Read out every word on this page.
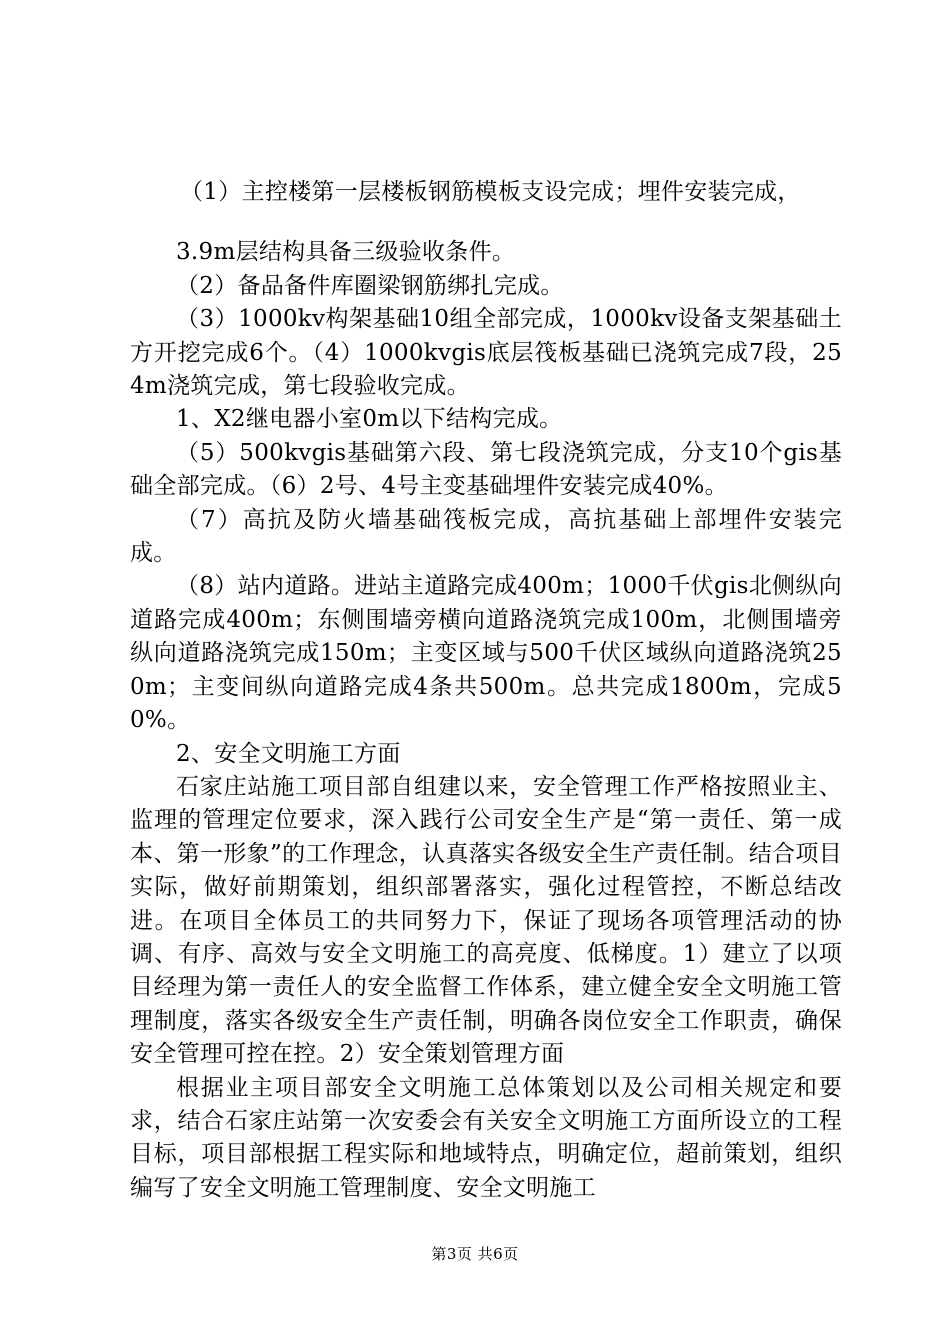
（1）主控楼第一层楼板钢筋模板支设完成；埋件安装完成，

3.9m层结构具备三级验收条件。

（2）备品备件库圈梁钢筋绑扎完成。

（3）1000kv构架基础10组全部完成，1000kv设备支架基础土方开挖完成6个。（4）1000kvgis底层筏板基础已浇筑完成7段，254m浇筑完成，第七段验收完成。

1、X2继电器小室0m以下结构完成。

（5）500kvgis基础第六段、第七段浇筑完成，分支10个gis基础全部完成。（6）2号、4号主变基础埋件安装完成40%。

（7）高抗及防火墙基础筏板完成，高抗基础上部埋件安装完成。

（8）站内道路。进站主道路完成400m；1000千伏gis北侧纵向道路完成400m；东侧围墙旁横向道路浇筑完成100m，北侧围墙旁纵向道路浇筑完成150m；主变区域与500千伏区域纵向道路浇筑250m；主变间纵向道路完成4条共500m。总共完成1800m，完成50%。

2、安全文明施工方面

石家庄站施工项目部自组建以来，安全管理工作严格按照业主、监理的管理定位要求，深入践行公司安全生产是“第一责任、第一成本、第一形象”的工作理念，认真落实各级安全生产责任制。结合项目实际，做好前期策划，组织部署落实，强化过程管控，不断总结改进。在项目全体员工的共同努力下，保证了现场各项管理活动的协调、有序、高效与安全文明施工的高亮度、低梯度。1）建立了以项目经理为第一责任人的安全监督工作体系，建立健全安全文明施工管理制度，落实各级安全生产责任制，明确各岗位安全工作职责，确保安全管理可控在控。2）安全策划管理方面

根据业主项目部安全文明施工总体策划以及公司相关规定和要求，结合石家庄站第一次安委会有关安全文明施工方面所设立的工程目标，项目部根据工程实际和地域特点，明确定位，超前策划，组织编写了安全文明施工管理制度、安全文明施工

第3页 共6页
